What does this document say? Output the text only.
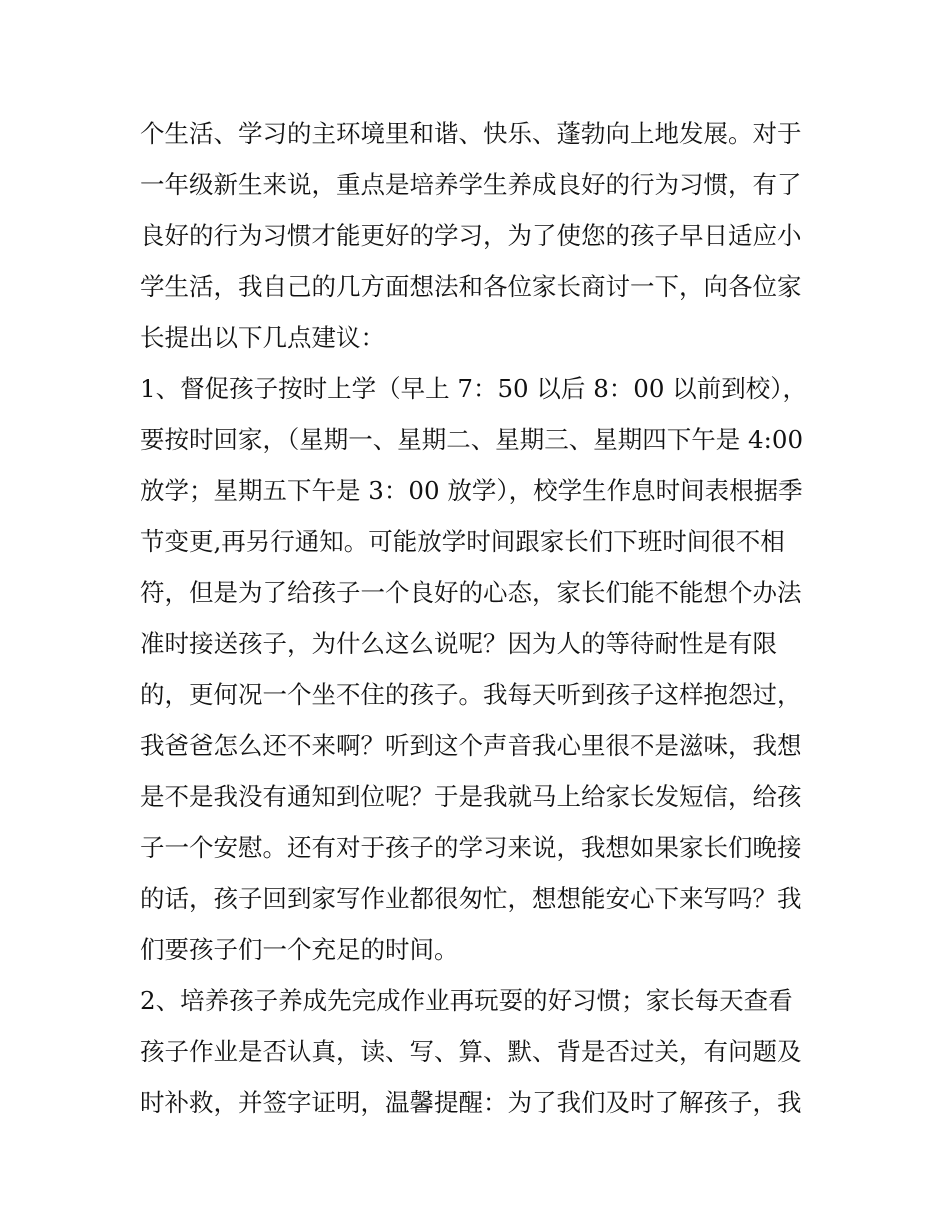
个生活、学习的主环境里和谐、快乐、蓬勃向上地发展。对于
一年级新生来说，重点是培养学生养成良好的行为习惯，有了
良好的行为习惯才能更好的学习，为了使您的孩子早日适应小
学生活，我自己的几方面想法和各位家长商讨一下，向各位家
长提出以下几点建议：
1、督促孩子按时上学（早上 7：50 以后 8：00 以前到校），
要按时回家，（星期一、星期二、星期三、星期四下午是 4:00
放学；星期五下午是 3：00 放学），校学生作息时间表根据季
节变更,再另行通知。可能放学时间跟家长们下班时间很不相
符，但是为了给孩子一个良好的心态，家长们能不能想个办法
准时接送孩子，为什么这么说呢？因为人的等待耐性是有限
的，更何况一个坐不住的孩子。我每天听到孩子这样抱怨过，
我爸爸怎么还不来啊？听到这个声音我心里很不是滋味，我想
是不是我没有通知到位呢？于是我就马上给家长发短信，给孩
子一个安慰。还有对于孩子的学习来说，我想如果家长们晚接
的话，孩子回到家写作业都很匆忙，想想能安心下来写吗？我
们要孩子们一个充足的时间。
2、培养孩子养成先完成作业再玩耍的好习惯；家长每天查看
孩子作业是否认真，读、写、算、默、背是否过关，有问题及
时补救，并签字证明，温馨提醒：为了我们及时了解孩子，我
